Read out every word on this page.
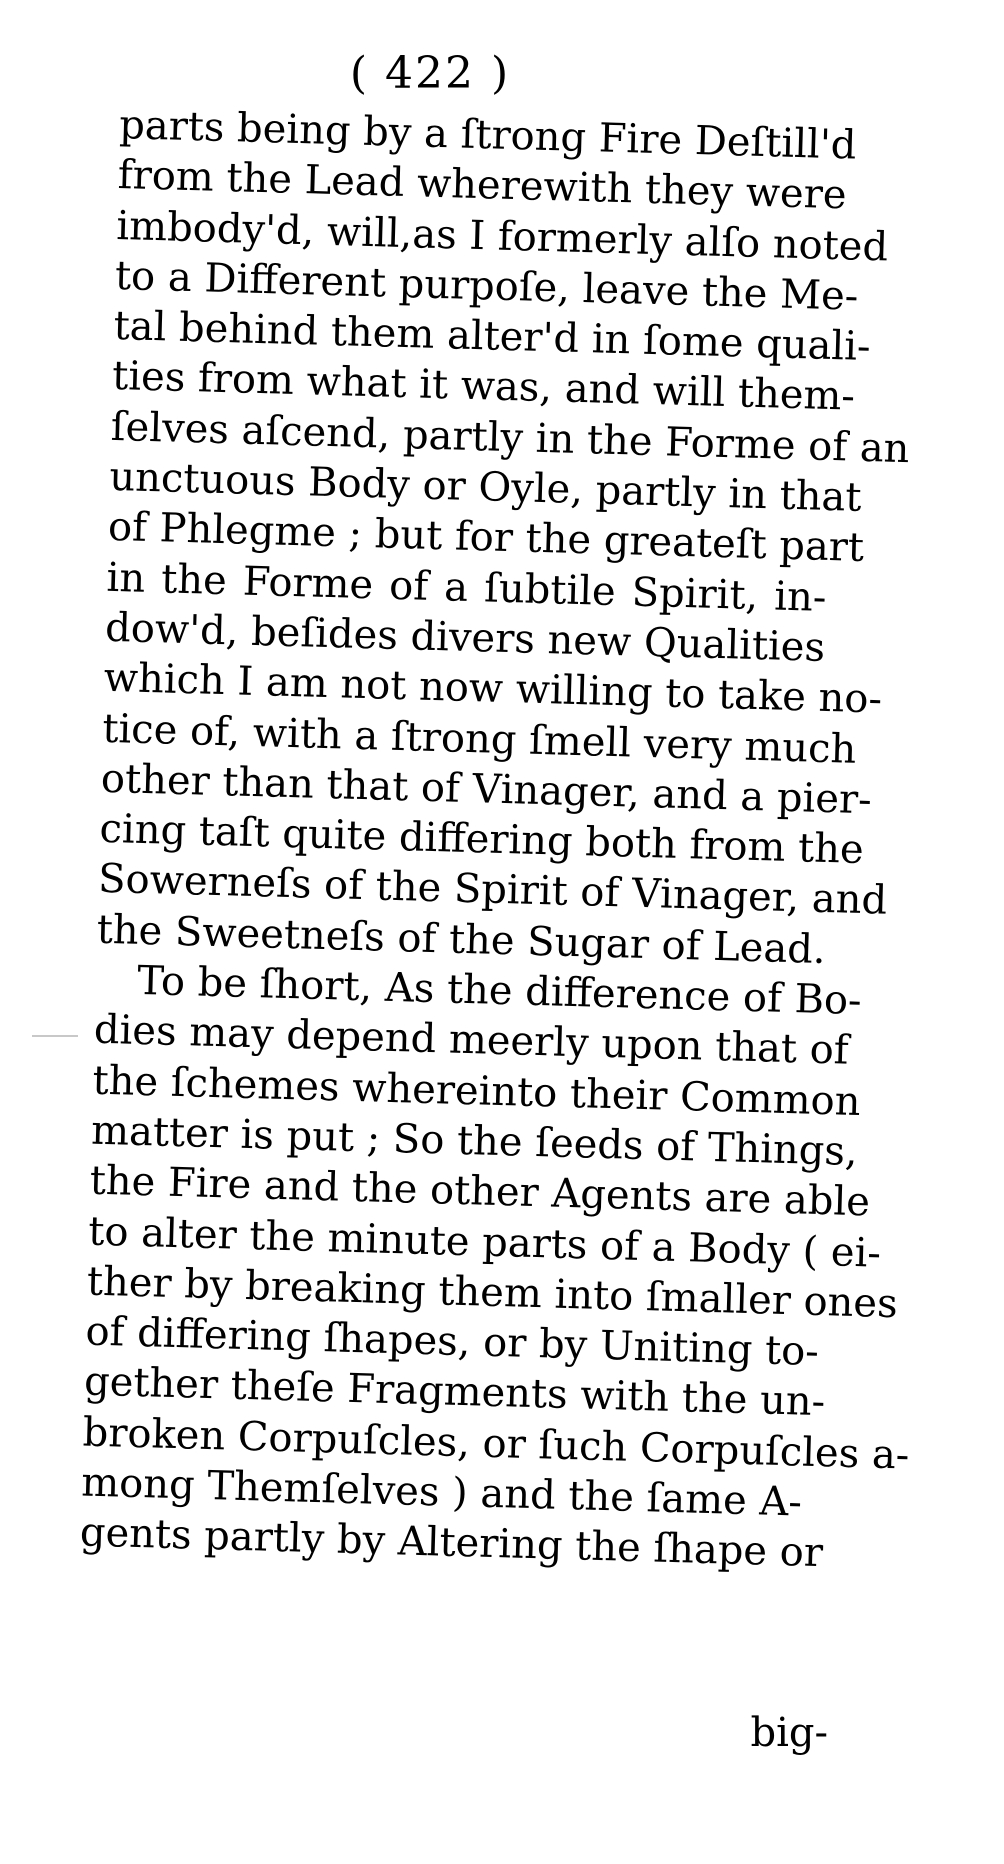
( 422 )
parts being by a ſtrong Fire Deſtill'd
from the Lead wherewith they were
imbody'd, will,as I formerly alſo noted
to a Different purpoſe, leave the Me-
tal behind them alter'd in ſome quali-
ties from what it was, and will them-
ſelves aſcend, partly in the Forme of an
unctuous Body or Oyle, partly in that
of Phlegme ; but for the greateſt part
in the Forme of a ſubtile Spirit, in-
dow'd, beſides divers new Qualities
which I am not now willing to take no-
tice of, with a ſtrong ſmell very much
other than that of Vinager, and a pier-
cing taſt quite differing both from the
Sowerneſs of the Spirit of Vinager, and
the Sweetneſs of the Sugar of Lead.
To be ſhort, As the difference of Bo-
dies may depend meerly upon that of
the ſchemes whereinto their Common
matter is put ; So the ſeeds of Things,
the Fire and the other Agents are able
to alter the minute parts of a Body ( ei-
ther by breaking them into ſmaller ones
of differing ſhapes, or by Uniting to-
gether theſe Fragments with the un-
broken Corpuſcles, or ſuch Corpuſcles a-
mong Themſelves ) and the ſame A-
gents partly by Altering the ſhape or
big-
